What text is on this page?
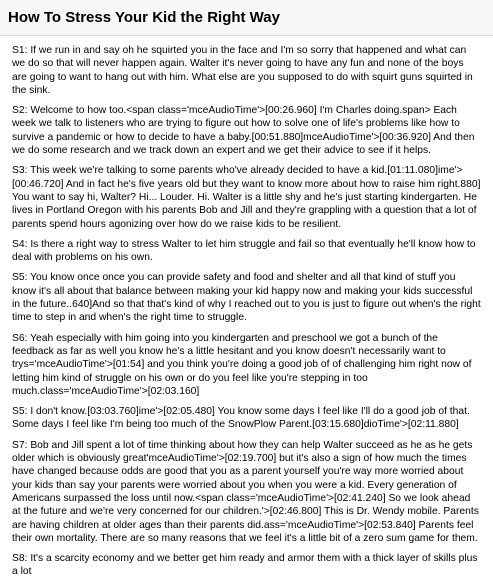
How To Stress Your Kid the Right Way

S1: If we run in and say oh he squirted you in the face and I'm so sorry that happened and what can we do so that will never happen again. Walter it's never going to have any fun and none of the boys are going to want to hang out with him. What else are you supposed to do with squirt guns squirted in the sink.

S2: Welcome to how too.<span class='mceAudioTime'>[00:26.960] I'm Charles doing.span> Each week we talk to listeners who are trying to figure out how to solve one of life's problems like how to survive a pandemic or how to decide to have a baby.[00:51.880]mceAudioTime'>[00:36.920] And then we do some research and we track down an expert and we get their advice to see if it helps.

S3: This week we're talking to some parents who've already decided to have a kid.[01:11.080]ime'>[00:46.720] And in fact he's five years old but they want to know more about how to raise him right.880] You want to say hi, Walter? Hi... Louder. Hi. Walter is a little shy and he's just starting kindergarten. He lives in Portland Oregon with his parents Bob and Jill and they're grappling with a question that a lot of parents spend hours agonizing over how do we raise kids to be resilient.

S4: Is there a right way to stress Walter to let him struggle and fail so that eventually he'll know how to deal with problems on his own.

S5: You know once once you can provide safety and food and shelter and all that kind of stuff you know it's all about that balance between making your kid happy now and making your kids successful in the future..640]And so that that's kind of why I reached out to you is just to figure out when's the right time to step in and when's the right time to struggle.

S6: Yeah especially with him going into you kindergarten and preschool we got a bunch of the feedback as far as well you know he's a little hesitant and you know doesn't necessarily want to trys='mceAudioTime'>[01:54] and you think you're doing a good job of of challenging him right now of letting him kind of struggle on his own or do you feel like you're stepping in too much.class='mceAudioTime'>[02:03.160]

S5: I don't know.[03:03.760]ime'>[02:05.480] You know some days I feel like I'll do a good job of that. Some days I feel like I'm being too much of the SnowPlow Parent.[03:15.680]dioTime'>[02:11.880]

S7: Bob and Jill spent a lot of time thinking about how they can help Walter succeed as he as he gets older which is obviously great'mceAudioTime'>[02:19.700] but it's also a sign of how much the times have changed because odds are good that you as a parent yourself you're way more worried about your kids than say your parents were worried about you when you were a kid. Every generation of Americans surpassed the loss until now.<span class='mceAudioTime'>[02:41.240] So we look ahead at the future and we're very concerned for our children.'>[02:46.800] This is Dr. Wendy mobile. Parents are having children at older ages than their parents did.ass='mceAudioTime'>[02:53.840] Parents feel their own mortality. There are so many reasons that we feel it's a little bit of a zero sum game for them.

S8: It's a scarcity economy and we better get him ready and armor them with a thick layer of skills plus a lot
